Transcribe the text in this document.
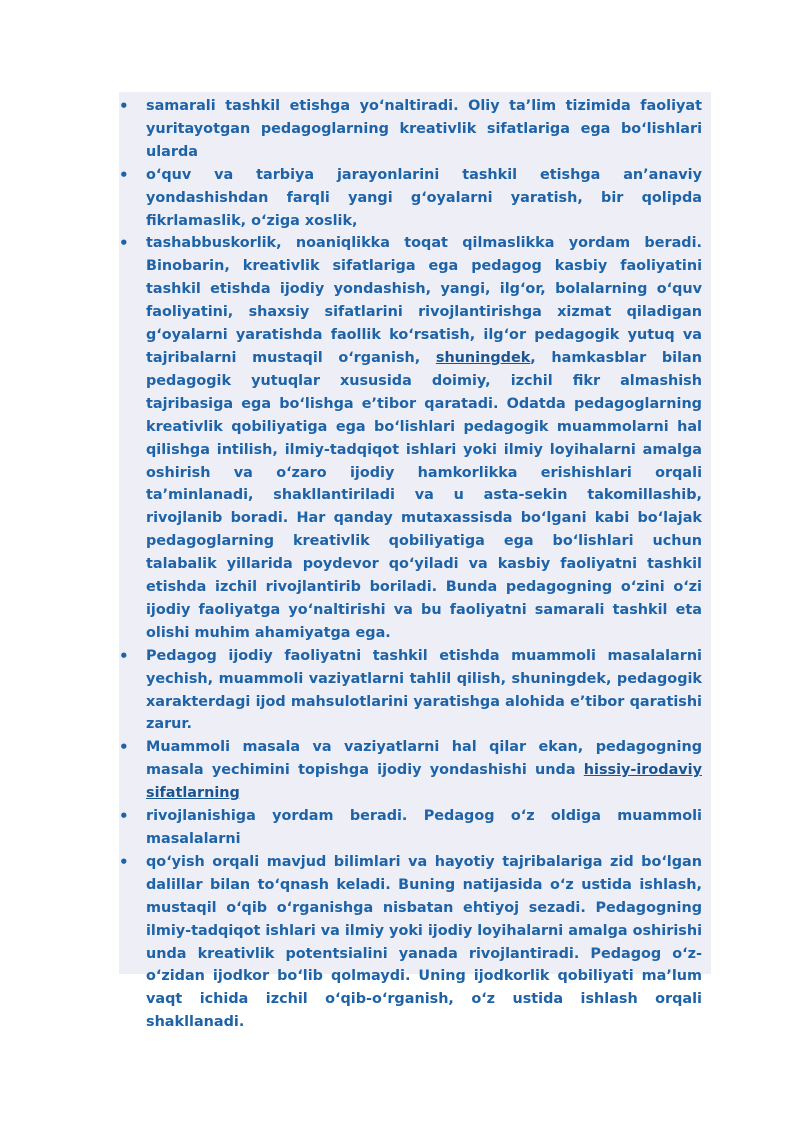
• samarali tashkil etishga yo‘naltiradi. Oliy ta’lim tizimida faoliyat yuritayotgan pedagoglarning kreativlik sifatlariga ega bo‘lishlari ularda
• o‘quv va tarbiya jarayonlarini tashkil etishga an’anaviy yondashishdan farqli yangi g‘oyalarni yaratish, bir qolipda fikrlamaslik, o‘ziga xoslik,
• tashabbuskorlik, noaniqlikka toqat qilmaslikka yordam beradi. Binobarin, kreativlik sifatlariga ega pedagog kasbiy faoliyatini tashkil etishda ijodiy yondashish, yangi, ilg‘or, bolalarning o‘quv faoliyatini, shaxsiy sifatlarini rivojlantirishga xizmat qiladigan g‘oyalarni yaratishda faollik ko‘rsatish, ilg‘or pedagogik yutuq va tajribalarni mustaqil o‘rganish, shuningdek, hamkasblar bilan pedagogik yutuqlar xususida doimiy, izchil fikr almashish tajribasiga ega bo‘lishga e’tibor qaratadi. Odatda pedagoglarning kreativlik qobiliyatiga ega bo‘lishlari pedagogik muammolarni hal qilishga intilish, ilmiy-tadqiqot ishlari yoki ilmiy loyihalarni amalga oshirish va o‘zaro ijodiy hamkorlikka erishishlari orqali ta’minlanadi, shakllantiriladi va u asta-sekin takomillashib, rivojlanib boradi. Har qanday mutaxassisda bo‘lgani kabi bo‘lajak pedagoglarning kreativlik qobiliyatiga ega bo‘lishlari uchun talabalik yillarida poydevor qo‘yiladi va kasbiy faoliyatni tashkil etishda izchil rivojlantirib boriladi. Bunda pedagogning o‘zini o‘zi ijodiy faoliyatga yo‘naltirishi va bu faoliyatni samarali tashkil eta olishi muhim ahamiyatga ega.
• Pedagog ijodiy faoliyatni tashkil etishda muammoli masalalarni yechish, muammoli vaziyatlarni tahlil qilish, shuningdek, pedagogik xarakterdagi ijod mahsulotlarini yaratishga alohida e’tibor qaratishi zarur.
• Muammoli masala va vaziyatlarni hal qilar ekan, pedagogning masala yechimini topishga ijodiy yondashishi unda hissiy-irodaviy sifatlarning
• rivojlanishiga yordam beradi. Pedagog o‘z oldiga muammoli masalalarni
• qo‘yish orqali mavjud bilimlari va hayotiy tajribalariga zid bo‘lgan dalillar bilan to‘qnash keladi. Buning natijasida o‘z ustida ishlash, mustaqil o‘qib o‘rganishga nisbatan ehtiyoj sezadi. Pedagogning ilmiy-tadqiqot ishlari va ilmiy yoki ijodiy loyihalarni amalga oshirishi unda kreativlik potentsialini yanada rivojlantiradi. Pedagog o‘z-o‘zidan ijodkor bo‘lib qolmaydi. Uning ijodkorlik qobiliyati ma’lum vaqt ichida izchil o‘qib-o‘rganish, o‘z ustida ishlash orqali shakllanadi.
